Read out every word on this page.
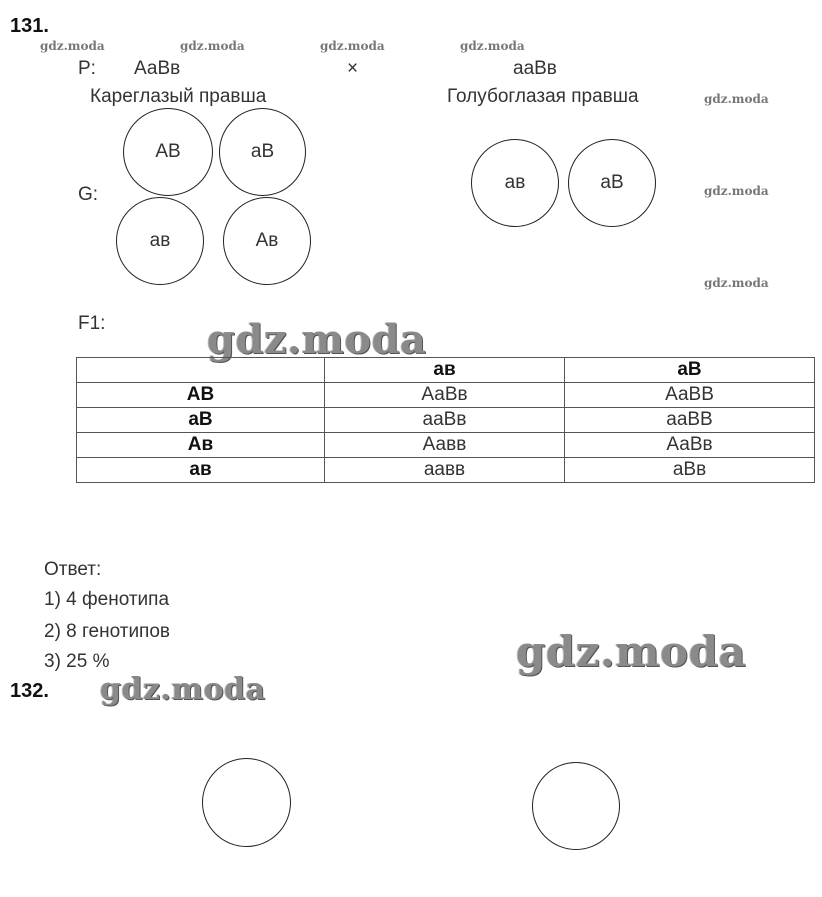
131.
gdz.moda	gdz.moda	gdz.moda	gdz.moda
gdz.moda
gdz.moda
gdz.moda
P: АаВв	×	ааВв
Кареглазый правша	Голубоглазая правша
G:
АВ	аВ
ав	Ав
ав	аВ
F1:	gdz.moda
	ав	аВ
АВ	АаВв	АаВВ
аВ	ааВв	ааВВ
Ав	Аавв	АаВв
ав	аавв	аВв
Ответ:
1) 4 фенотипа
2) 8 генотипов
3) 25 %	gdz.moda
132. gdz.moda
